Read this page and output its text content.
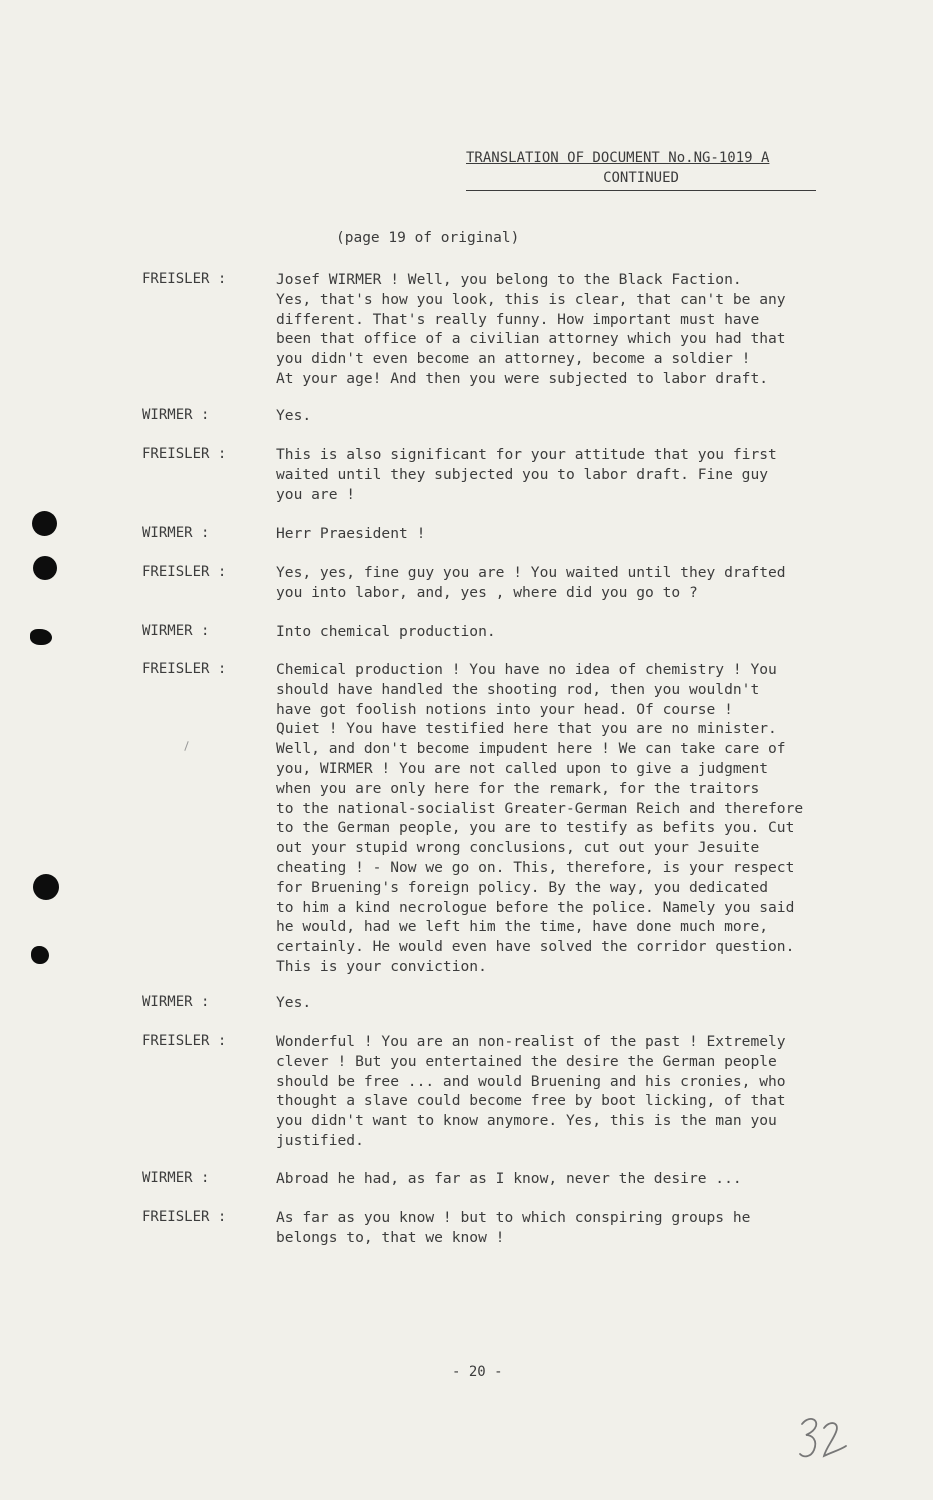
TRANSLATION OF DOCUMENT No.NG-1019 A
CONTINUED
(page 19 of original)
FREISLER :	Josef WIRMER ! Well, you belong to the Black Faction.
Yes, that's how you look, this is clear, that can't be any
different. That's really funny. How important must have
been that office of a civilian attorney which you had that
you didn't even become an attorney, become a soldier !
At your age! And then you were subjected to labor draft.
WIRMER :	Yes.
FREISLER :	This is also significant for your attitude that you first
waited until they subjected you to labor draft. Fine guy
you are !
WIRMER :	Herr Praesident !
FREISLER :	Yes, yes, fine guy you are ! You waited until they drafted
you into labor, and, yes , where did you go to ?
WIRMER :	Into chemical production.
FREISLER :	Chemical production ! You have no idea of chemistry ! You
should have handled the shooting rod, then you wouldn't
have got foolish notions into your head. Of course !
Quiet ! You have testified here that you are no minister.
Well, and don't become impudent here ! We can take care of
you, WIRMER ! You are not called upon to give a judgment
when you are only here for the remark, for the traitors
to the national-socialist Greater-German Reich and therefore
to the German people, you are to testify as befits you. Cut
out your stupid wrong conclusions, cut out your Jesuite
cheating ! - Now we go on. This, therefore, is your respect
for Bruening's foreign policy. By the way, you dedicated
to him a kind necrologue before the police. Namely you said
he would, had we left him the time, have done much more,
certainly. He would even have solved the corridor question.
This is your conviction.
WIRMER :	Yes.
FREISLER :	Wonderful ! You are an non-realist of the past ! Extremely
clever ! But you entertained the desire the German people
should be free ... and would Bruening and his cronies, who
thought a slave could become free by boot licking, of that
you didn't want to know anymore. Yes, this is the man you
justified.
WIRMER :	Abroad he had, as far as I know, never the desire ...
FREISLER :	As far as you know ! but to which conspiring groups he
belongs to, that we know !
- 20 -
